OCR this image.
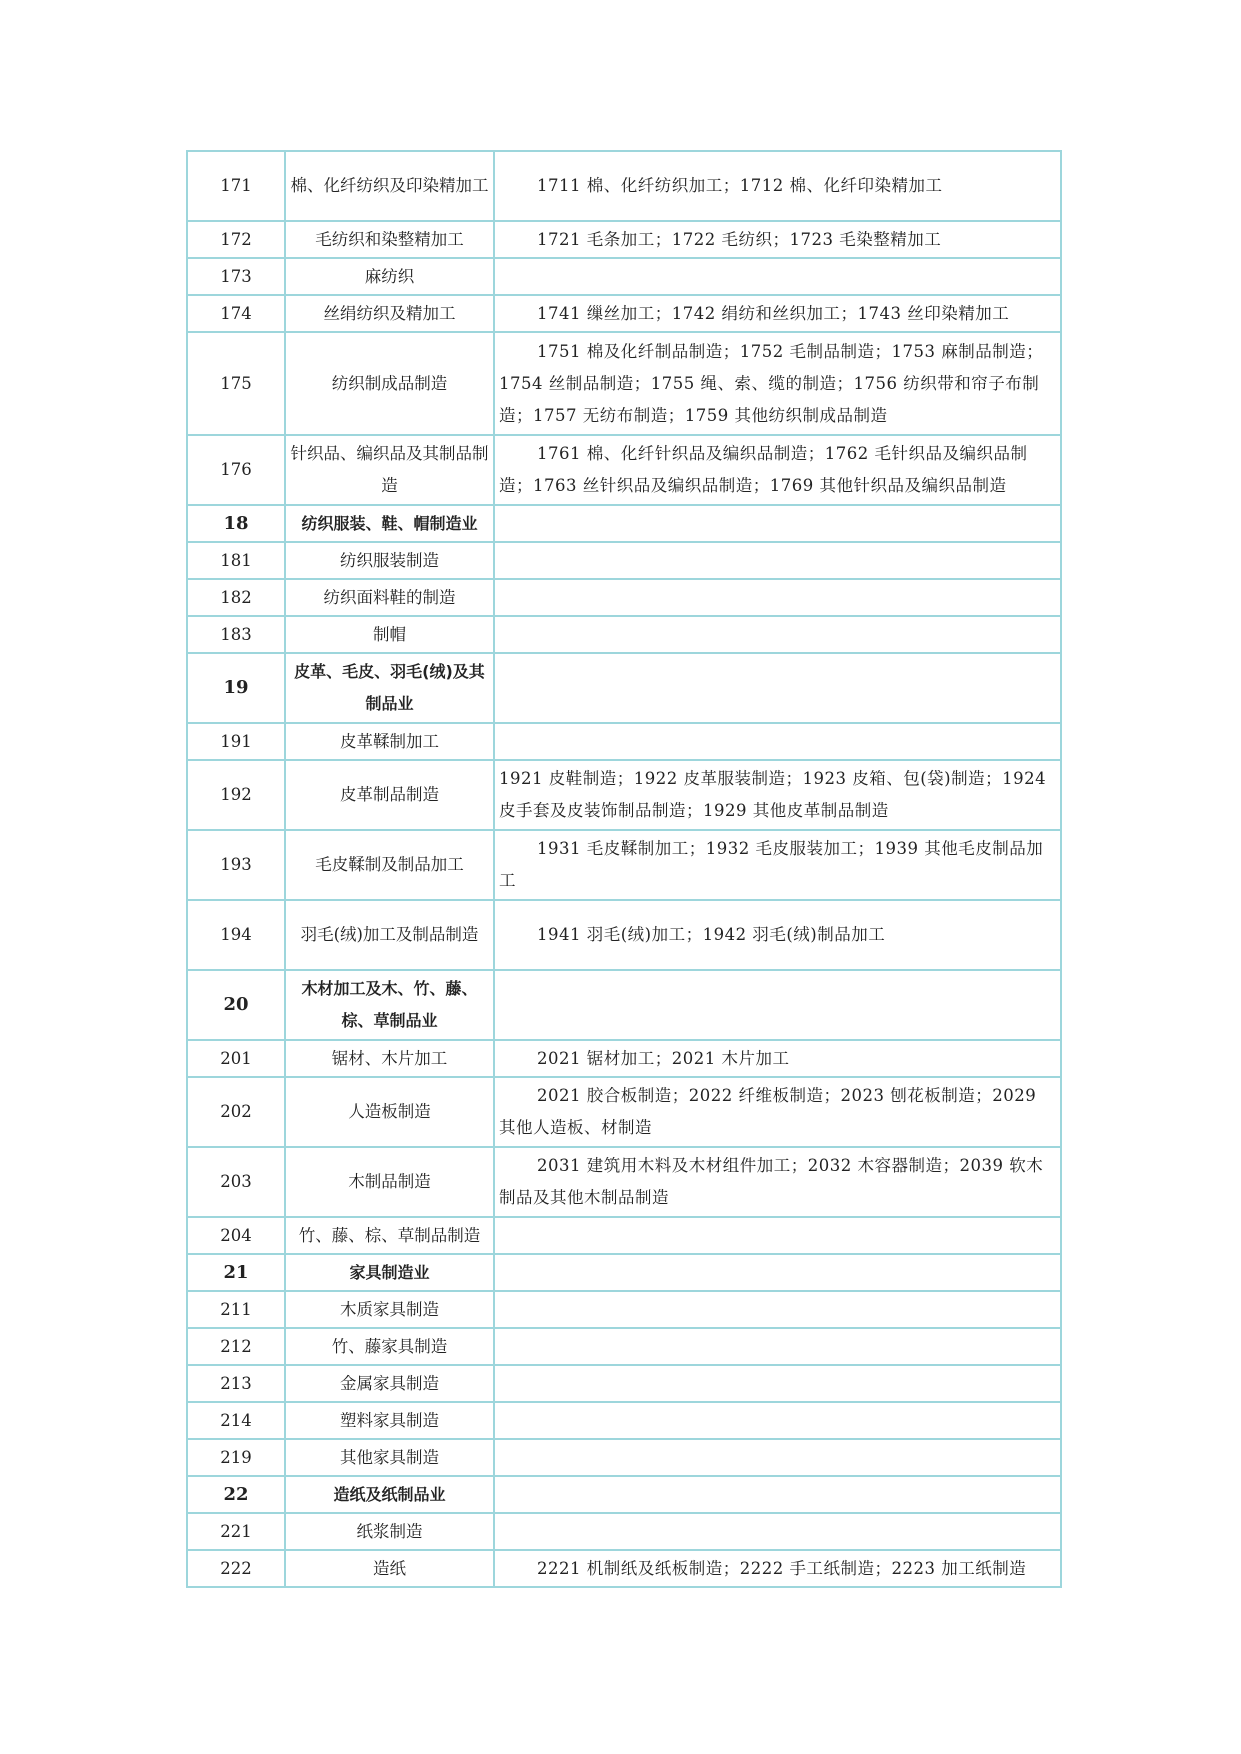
171	棉、化纤纺织及印染精加工	1711 棉、化纤纺织加工；1712 棉、化纤印染精加工
172	毛纺织和染整精加工	1721 毛条加工；1722 毛纺织；1723 毛染整精加工
173	麻纺织	
174	丝绢纺织及精加工	1741 缫丝加工；1742 绢纺和丝织加工；1743 丝印染精加工
175	纺织制成品制造	1751 棉及化纤制品制造；1752 毛制品制造；1753 麻制品制造；1754 丝制品制造；1755 绳、索、缆的制造；1756 纺织带和帘子布制造；1757 无纺布制造；1759 其他纺织制成品制造
176	针织品、编织品及其制品制造	1761 棉、化纤针织品及编织品制造；1762 毛针织品及编织品制造；1763 丝针织品及编织品制造；1769 其他针织品及编织品制造
18	纺织服装、鞋、帽制造业	
181	纺织服装制造	
182	纺织面料鞋的制造	
183	制帽	
19	皮革、毛皮、羽毛(绒)及其制品业	
191	皮革鞣制加工	
192	皮革制品制造	1921 皮鞋制造；1922 皮革服装制造；1923 皮箱、包(袋)制造；1924 皮手套及皮装饰制品制造；1929 其他皮革制品制造
193	毛皮鞣制及制品加工	1931 毛皮鞣制加工；1932 毛皮服装加工；1939 其他毛皮制品加工
194	羽毛(绒)加工及制品制造	1941 羽毛(绒)加工；1942 羽毛(绒)制品加工
20	木材加工及木、竹、藤、棕、草制品业	
201	锯材、木片加工	2021 锯材加工；2021 木片加工
202	人造板制造	2021 胶合板制造；2022 纤维板制造；2023 刨花板制造；2029 其他人造板、材制造
203	木制品制造	2031 建筑用木料及木材组件加工；2032 木容器制造；2039 软木制品及其他木制品制造
204	竹、藤、棕、草制品制造	
21	家具制造业	
211	木质家具制造	
212	竹、藤家具制造	
213	金属家具制造	
214	塑料家具制造	
219	其他家具制造	
22	造纸及纸制品业	
221	纸浆制造	
222	造纸	2221 机制纸及纸板制造；2222 手工纸制造；2223 加工纸制造
